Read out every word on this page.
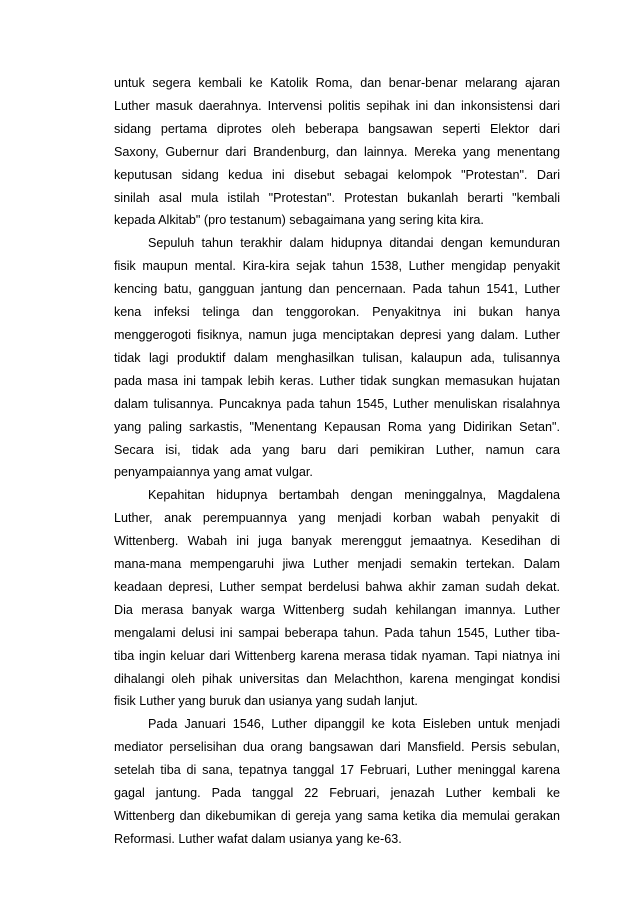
untuk segera kembali ke Katolik Roma, dan benar-benar melarang ajaran
Luther masuk daerahnya. Intervensi politis sepihak ini dan inkonsistensi dari
sidang pertama diprotes oleh beberapa bangsawan seperti Elektor dari
Saxony, Gubernur dari Brandenburg, dan lainnya. Mereka yang menentang
keputusan sidang kedua ini disebut sebagai kelompok "Protestan". Dari
sinilah asal mula istilah "Protestan". Protestan bukanlah berarti "kembali
kepada Alkitab" (pro testanum) sebagaimana yang sering kita kira.
Sepuluh tahun terakhir dalam hidupnya ditandai dengan kemunduran
fisik maupun mental. Kira-kira sejak tahun 1538, Luther mengidap penyakit
kencing batu, gangguan jantung dan pencernaan. Pada tahun 1541, Luther
kena infeksi telinga dan tenggorokan. Penyakitnya ini bukan hanya
menggerogoti fisiknya, namun juga menciptakan depresi yang dalam. Luther
tidak lagi produktif dalam menghasilkan tulisan, kalaupun ada, tulisannya
pada masa ini tampak lebih keras. Luther tidak sungkan memasukan hujatan
dalam tulisannya. Puncaknya pada tahun 1545, Luther menuliskan risalahnya
yang paling sarkastis, "Menentang Kepausan Roma yang Didirikan Setan".
Secara isi, tidak ada yang baru dari pemikiran Luther, namun cara
penyampaiannya yang amat vulgar.
Kepahitan hidupnya bertambah dengan meninggalnya, Magdalena
Luther, anak perempuannya yang menjadi korban wabah penyakit di
Wittenberg. Wabah ini juga banyak merenggut jemaatnya. Kesedihan di
mana-mana mempengaruhi jiwa Luther menjadi semakin tertekan. Dalam
keadaan depresi, Luther sempat berdelusi bahwa akhir zaman sudah dekat.
Dia merasa banyak warga Wittenberg sudah kehilangan imannya. Luther
mengalami delusi ini sampai beberapa tahun. Pada tahun 1545, Luther tiba-
tiba ingin keluar dari Wittenberg karena merasa tidak nyaman. Tapi niatnya ini
dihalangi oleh pihak universitas dan Melachthon, karena mengingat kondisi
fisik Luther yang buruk dan usianya yang sudah lanjut.
Pada Januari 1546, Luther dipanggil ke kota Eisleben untuk menjadi
mediator perselisihan dua orang bangsawan dari Mansfield. Persis sebulan,
setelah tiba di sana, tepatnya tanggal 17 Februari, Luther meninggal karena
gagal jantung. Pada tanggal 22 Februari, jenazah Luther kembali ke
Wittenberg dan dikebumikan di gereja yang sama ketika dia memulai gerakan
Reformasi. Luther wafat dalam usianya yang ke-63.
